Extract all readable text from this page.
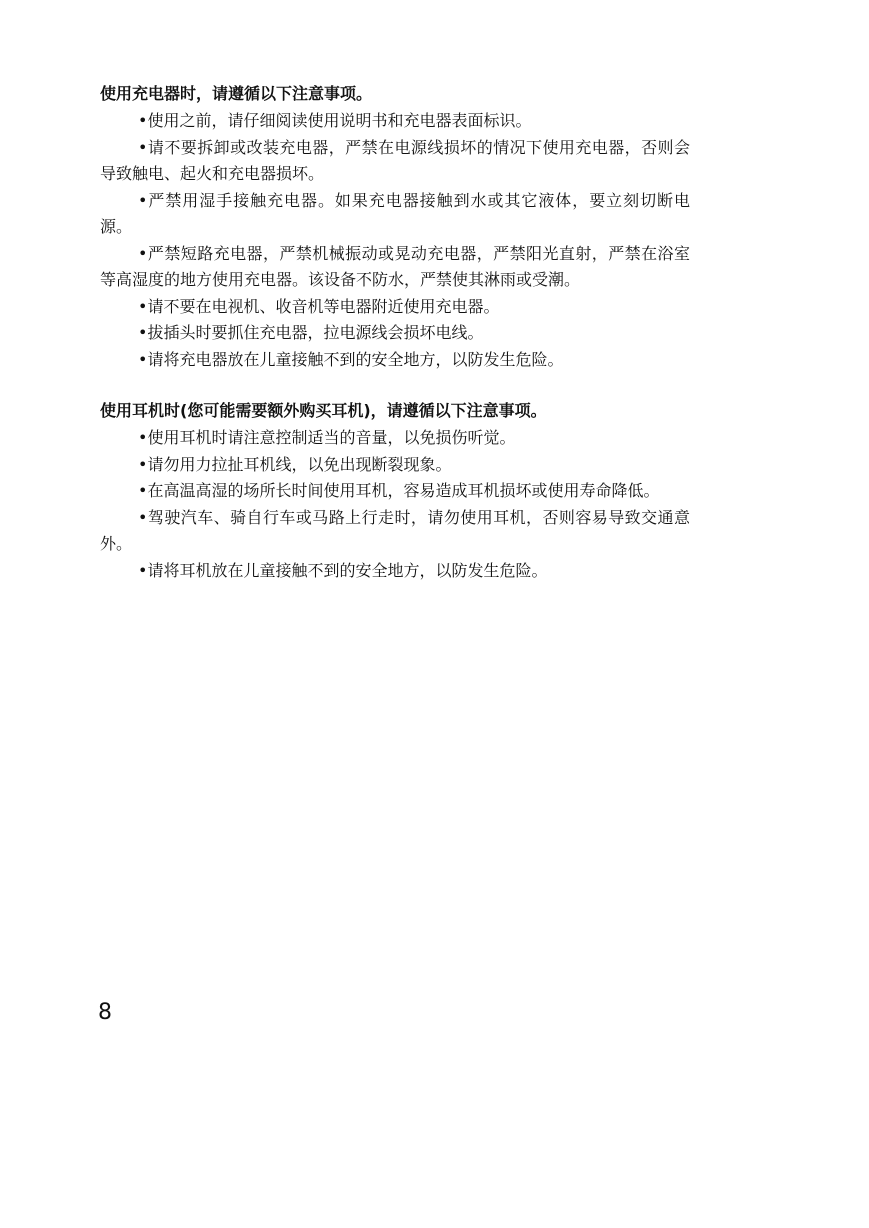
使用充电器时，请遵循以下注意事项。

•使用之前，请仔细阅读使用说明书和充电器表面标识。

•请不要拆卸或改装充电器，严禁在电源线损坏的情况下使用充电器，否则会导致触电、起火和充电器损坏。

•严禁用湿手接触充电器。如果充电器接触到水或其它液体，要立刻切断电源。

•严禁短路充电器，严禁机械振动或晃动充电器，严禁阳光直射，严禁在浴室等高湿度的地方使用充电器。该设备不防水，严禁使其淋雨或受潮。

•请不要在电视机、收音机等电器附近使用充电器。

•拔插头时要抓住充电器，拉电源线会损坏电线。

•请将充电器放在儿童接触不到的安全地方，以防发生危险。

使用耳机时(您可能需要额外购买耳机)，请遵循以下注意事项。

•使用耳机时请注意控制适当的音量，以免损伤听觉。

•请勿用力拉扯耳机线，以免出现断裂现象。

•在高温高湿的场所长时间使用耳机，容易造成耳机损坏或使用寿命降低。

•驾驶汽车、骑自行车或马路上行走时，请勿使用耳机，否则容易导致交通意外。

•请将耳机放在儿童接触不到的安全地方，以防发生危险。

8
